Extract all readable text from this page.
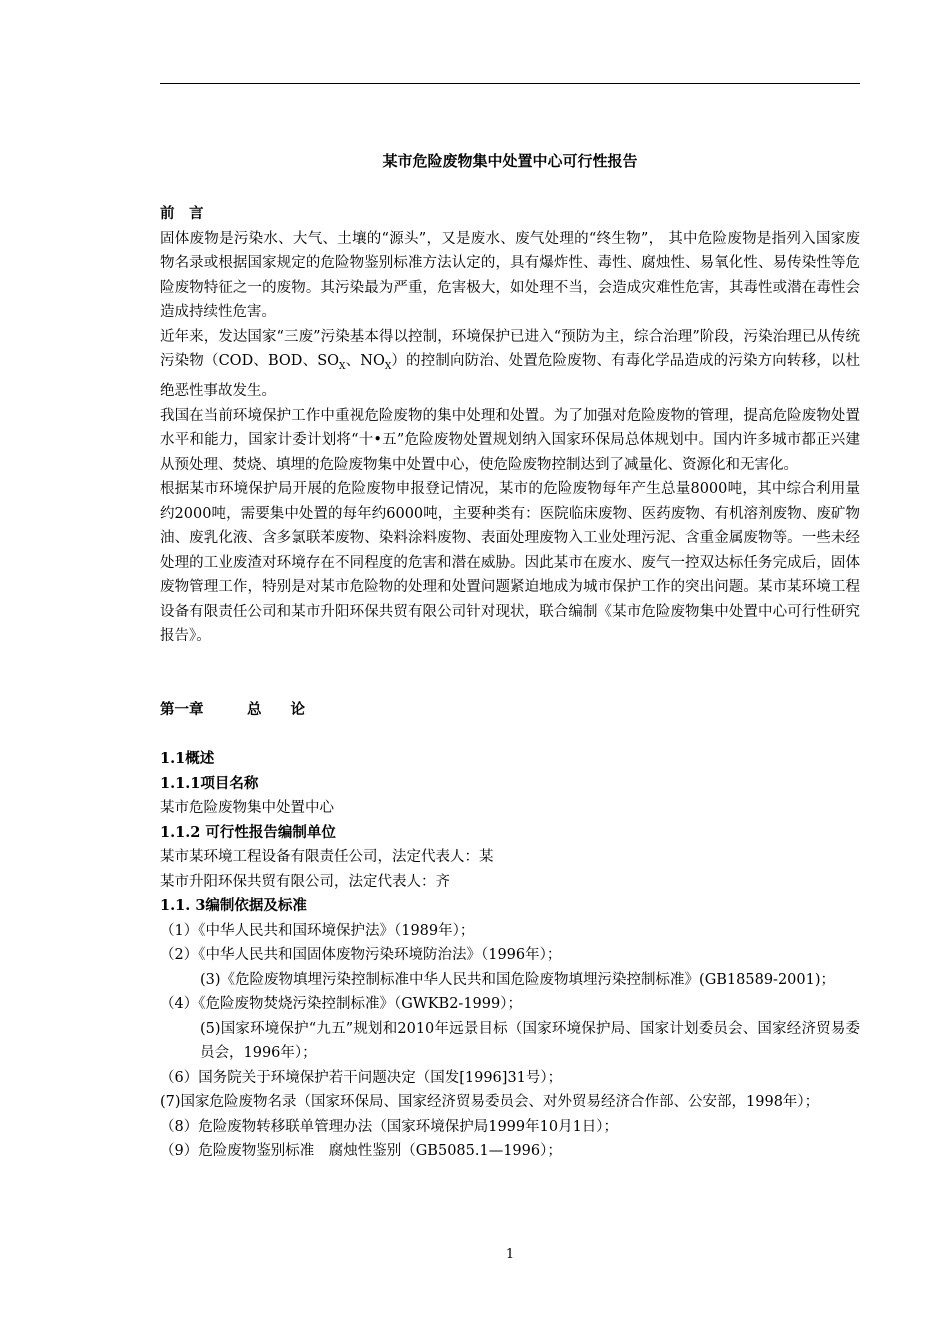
某市危险废物集中处置中心可行性报告
前　言

固体废物是污染水、大气、土壤的“源头”，又是废水、废气处理的“终生物”， 其中危险废物是指列入国家废物名录或根据国家规定的危险物鉴别标准方法认定的，具有爆炸性、毒性、腐烛性、易氧化性、易传染性等危险废物特征之一的废物。其污染最为严重，危害极大，如处理不当，会造成灾难性危害，其毒性或潜在毒性会造成持续性危害。

近年来，发达国家“三废”污染基本得以控制，环境保护已进入“预防为主，综合治理”阶段，污染治理已从传统污染物（COD、BOD、$SO_X$、$NO_X$）的控制向防治、处置危险废物、有毒化学品造成的污染方向转移，以杜绝恶性事故发生。

我国在当前环境保护工作中重视危险废物的集中处理和处置。为了加强对危险废物的管理，提高危险废物处置水平和能力，国家计委计划将“十•五”危险废物处置规划纳入国家环保局总体规划中。国内许多城市都正兴建从预处理、焚烧、填埋的危险废物集中处置中心，使危险废物控制达到了减量化、资源化和无害化。

根据某市环境保护局开展的危险废物申报登记情况，某市的危险废物每年产生总量8000吨，其中综合利用量约2000吨，需要集中处置的每年约6000吨，主要种类有：医院临床废物、医药废物、有机溶剂废物、废矿物油、废乳化液、含多氯联苯废物、染料涂料废物、表面处理废物入工业处理污泥、含重金属废物等。一些未经处理的工业废渣对环境存在不同程度的危害和潜在威胁。因此某市在废水、废气一控双达标任务完成后，固体废物管理工作，特别是对某市危险物的处理和处置问题紧迫地成为城市保护工作的突出问题。某市某环境工程设备有限责任公司和某市升阳环保共贸有限公司针对现状，联合编制《某市危险废物集中处置中心可行性研究报告》。

第一章　　　总　　论
1.1概述
1.1.1项目名称
某市危险废物集中处置中心
1.1.2 可行性报告编制单位
某市某环境工程设备有限责任公司，法定代表人：某
某市升阳环保共贸有限公司，法定代表人：齐
1.1. 3编制依据及标准
（1）《中华人民共和国环境保护法》（1989年）；
（2）《中华人民共和国固体废物污染环境防治法》（1996年）；

(3)《危险废物填埋污染控制标准中华人民共和国危险废物填埋污染控制标准》(GB18589-2001)；

（4）《危险废物焚烧污染控制标准》（GWKB2-1999）；

(5)国家环境保护“九五”规划和2010年远景目标（国家环境保护局、国家计划委员会、国家经济贸易委员会，1996年）；

（6）国务院关于环境保护若干问题决定（国发[1996]31号）；

(7)国家危险废物名录（国家环保局、国家经济贸易委员会、对外贸易经济合作部、公安部，1998年）；

（8）危险废物转移联单管理办法（国家环境保护局1999年10月1日）；
（9）危险废物鉴别标准　腐烛性鉴别（GB5085.1—1996）；
1
